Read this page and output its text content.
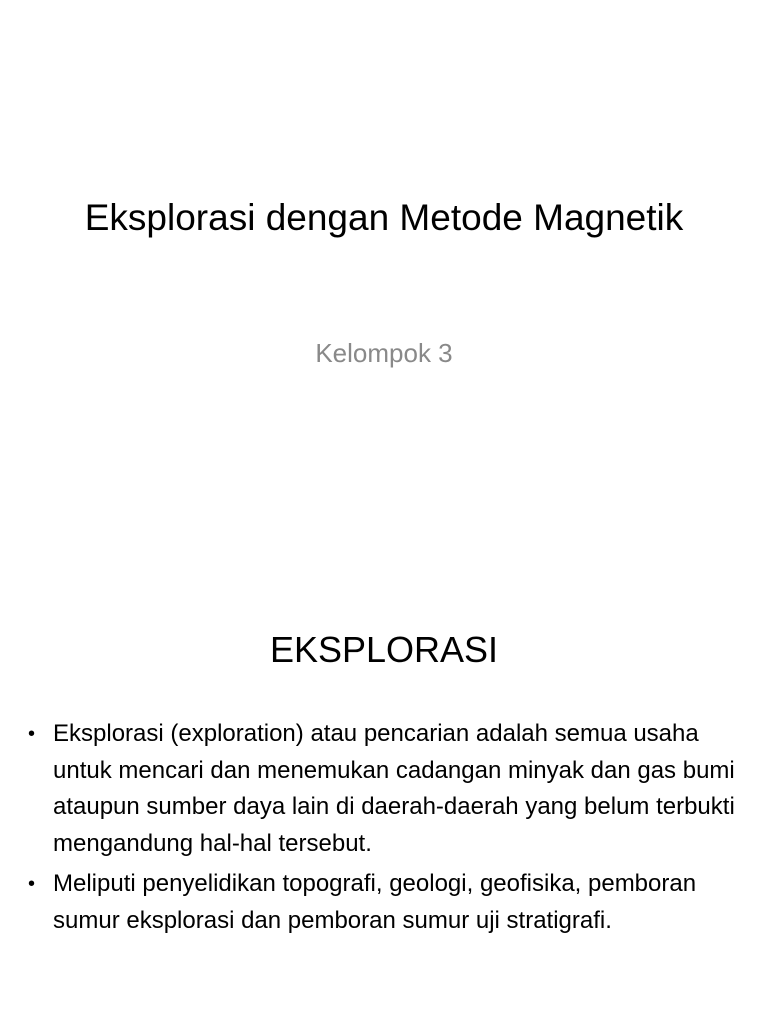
Eksplorasi dengan Metode Magnetik
Kelompok 3
EKSPLORASI
• Eksplorasi (exploration) atau pencarian adalah semua usaha untuk mencari dan menemukan cadangan minyak dan gas bumi ataupun sumber daya lain di daerah-daerah yang belum terbukti mengandung hal-hal tersebut.
• Meliputi penyelidikan topografi, geologi, geofisika, pemboran sumur eksplorasi dan pemboran sumur uji stratigrafi.
